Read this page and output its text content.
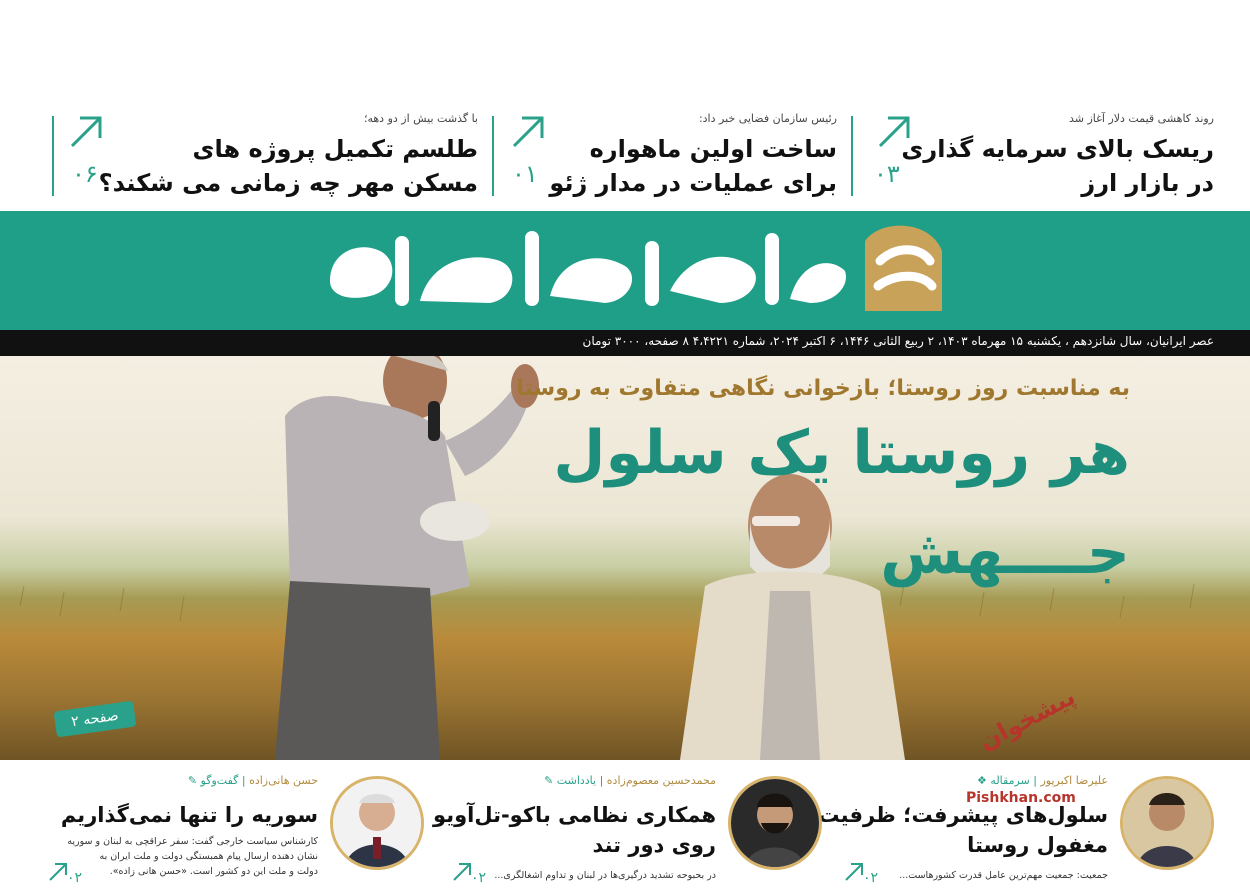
روند کاهشی قیمت دلار آغاز شد
ریسک بالای سرمایه گذاری
در بازار ارز
۰۳
رئیس سازمان فضایی خبر داد:
ساخت اولین ماهواره
برای عملیات در مدار ژئو
۰۱
با گذشت بیش از دو دهه؛
طلسم تکمیل پروژه های
مسکن مهر چه زمانی می شکند؟
۰۶
عصر ایرانیان، سال شانزدهم ، یکشنبه ۱۵ مهرماه ۱۴۰۳، ۲ ربیع الثانی ۱۴۴۶، ۶ اکتبر ۲۰۲۴، شماره ۴،۴۲۲۱ ۸ صفحه، ۳۰۰۰ تومان
به مناسبت روز روستا؛ بازخوانی نگاهی متفاوت به روستا
هر روستا یک سلول
جــــهش
صفحه ۲
علیرضا اکبرپور | سرمقاله ❖
سلول‌های پیشرفت؛ ظرفیت
مغفول روستا
جمعیت: جمعیت مهم‌ترین عامل قدرت کشورهاست...
۰۲
محمدحسین معصوم‌زاده | یادداشت ✎
همکاری نظامی باکو-تل‌آویو
روی دور تند
در بحبوحه تشدید درگیری‌ها در لبنان و تداوم اشغالگری...
۰۲
حسن هانی‌زاده | گفت‌وگو ✎
سوریه را تنها نمی‌گذاریم
کارشناس سیاست خارجی گفت: سفر عراقچی به لبنان و سوریه
نشان دهنده ارسال پیام همبستگی دولت و ملت ایران به
دولت و ملت این دو کشور است. «حسن هانی زاده».
۰۲
پیشخوان
Pishkhan.com
